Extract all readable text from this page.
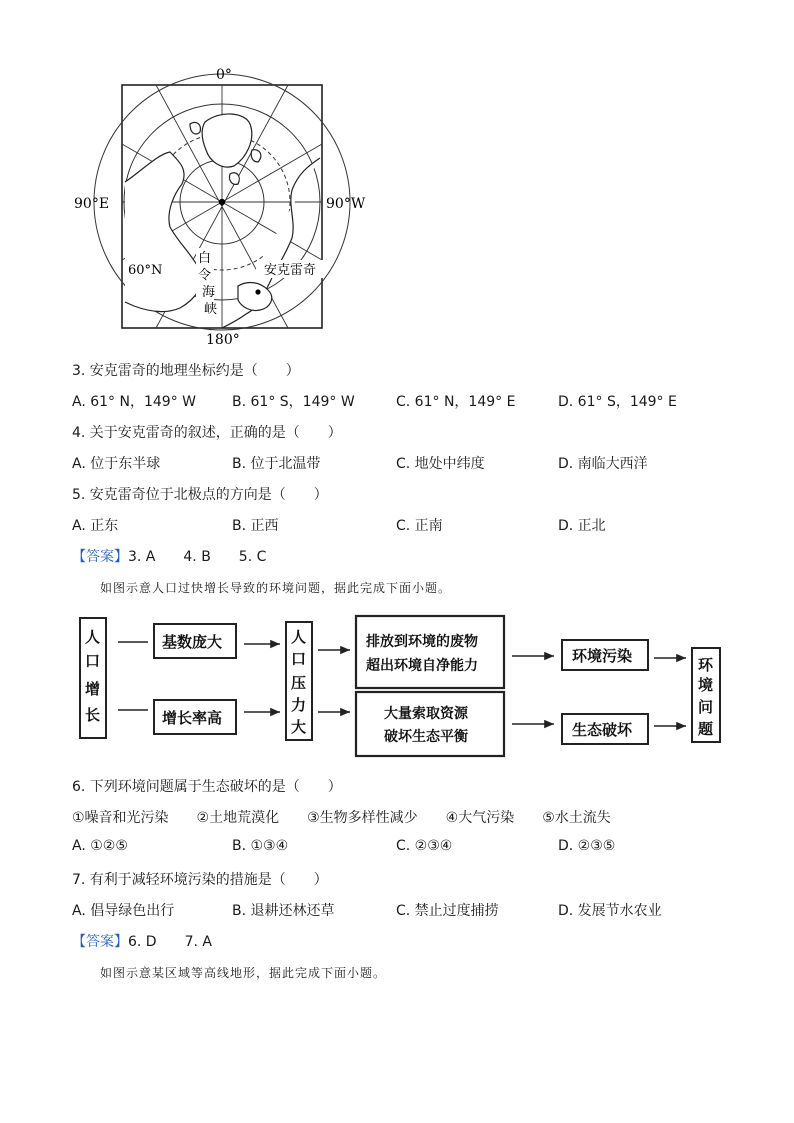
0°
90°E	90°W
180°
60°N
白
令
海
峡
安克雷奇
3. 安克雷奇的地理坐标约是（　　）
A. 61° N，149° W	B. 61° S，149° W	C. 61° N，149° E	D. 61° S，149° E
4. 关于安克雷奇的叙述，正确的是（　　）
A. 位于东半球	B. 位于北温带	C. 地处中纬度	D. 南临大西洋
5. 安克雷奇位于北极点的方向是（　　）
A. 正东	B. 正西	C. 正南	D. 正北
【答案】3. A　　4. B　　5. C
如图示意人口过快增长导致的环境问题，据此完成下面小题。
人
口
增
长
基数庞大
增长率高
人
口
压
力
大
排放到环境的废物
超出环境自净能力
大量索取资源
破坏生态平衡
环境污染
生态破坏
环
境
问
题
6. 下列环境问题属于生态破坏的是（　　）
①噪音和光污染　　②土地荒漠化　　③生物多样性减少　　④大气污染　　⑤水土流失
A. ①②⑤	B. ①③④	C. ②③④	D. ②③⑤
7. 有利于减轻环境污染的措施是（　　）
A. 倡导绿色出行	B. 退耕还林还草	C. 禁止过度捕捞	D. 发展节水农业
【答案】6. D　　7. A
如图示意某区域等高线地形，据此完成下面小题。
